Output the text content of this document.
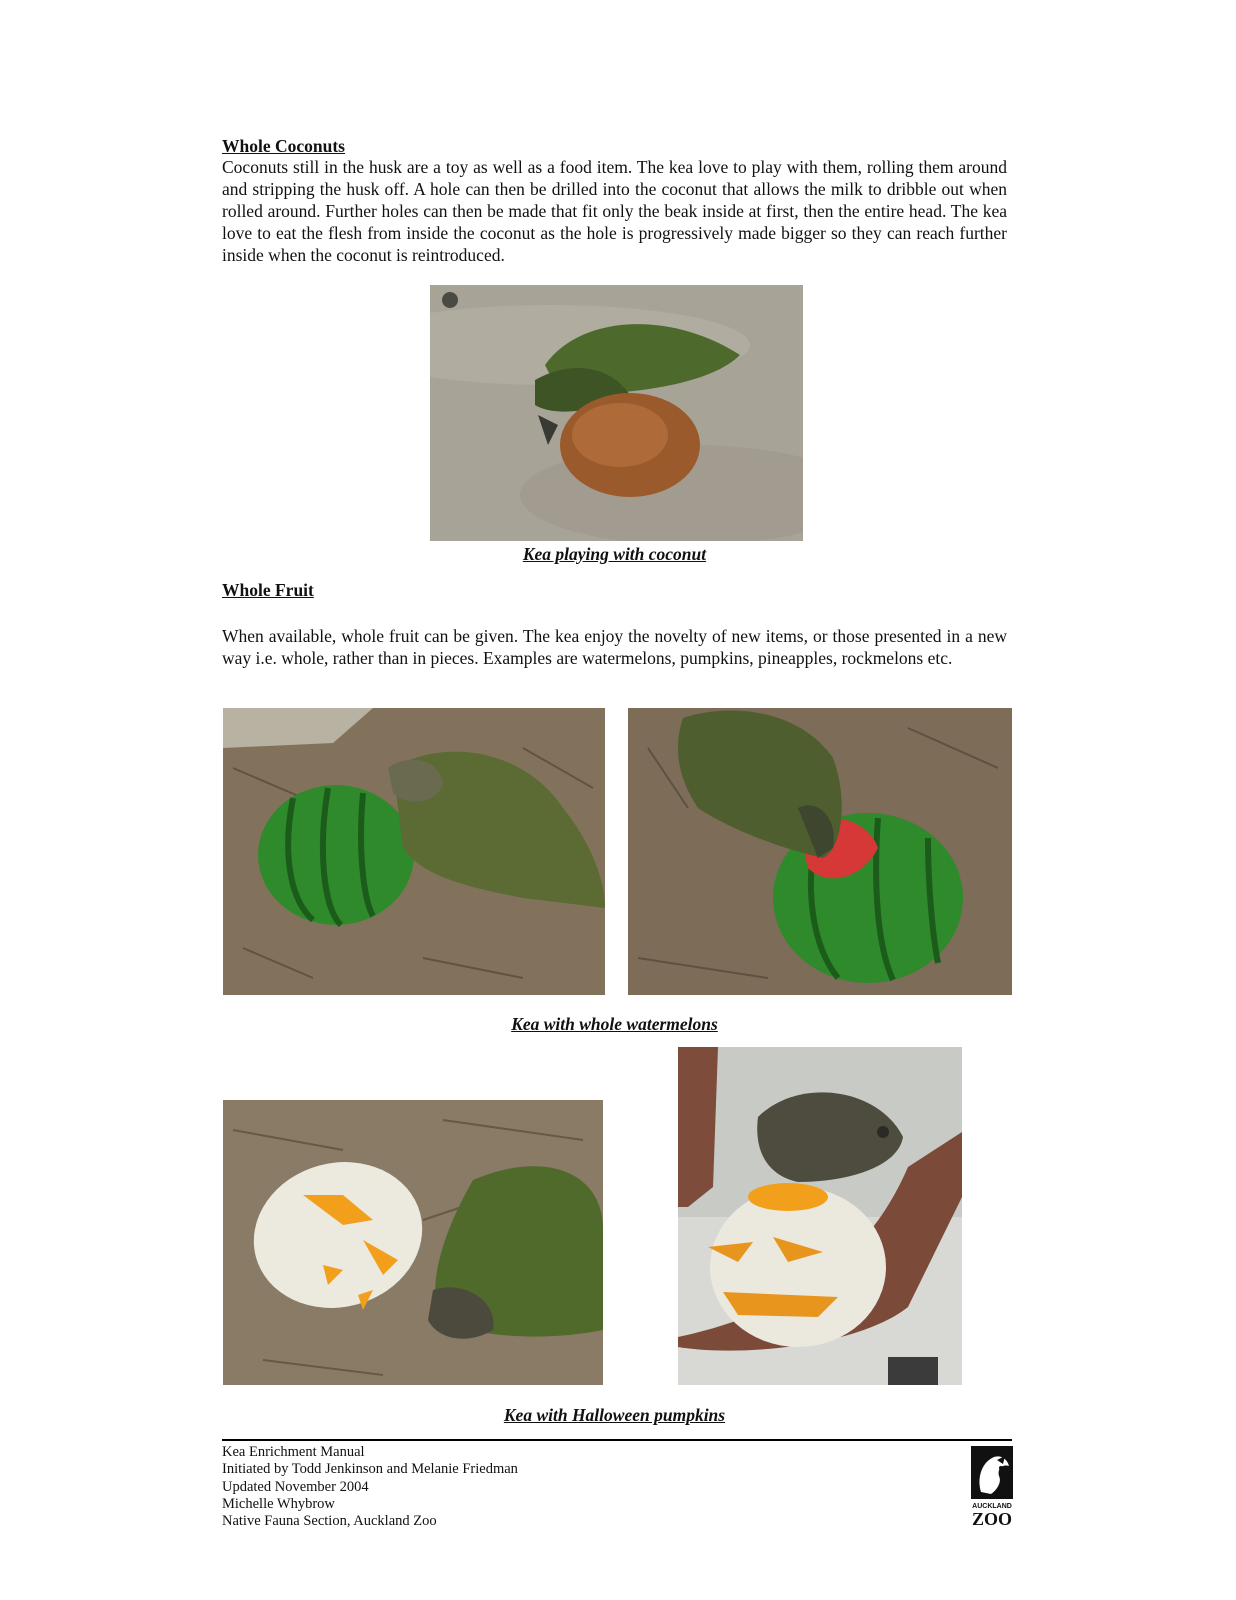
Whole Coconuts

Coconuts still in the husk are a toy as well as a food item. The kea love to play with them, rolling them around and stripping the husk off. A hole can then be drilled into the coconut that allows the milk to dribble out when rolled around. Further holes can then be made that fit only the beak inside at first, then the entire head. The kea love to eat the flesh from inside the coconut as the hole is progressively made bigger so they can reach further inside when the coconut is reintroduced.

Kea playing with coconut

Whole Fruit

When available, whole fruit can be given. The kea enjoy the novelty of new items, or those presented in a new way i.e. whole, rather than in pieces. Examples are watermelons, pumpkins, pineapples, rockmelons etc.

Kea with whole watermelons

Kea with Halloween pumpkins

Kea Enrichment Manual
Initiated by Todd Jenkinson and Melanie Friedman
Updated November 2004
Michelle Whybrow
Native Fauna Section, Auckland Zoo
AUCKLAND
ZOO
